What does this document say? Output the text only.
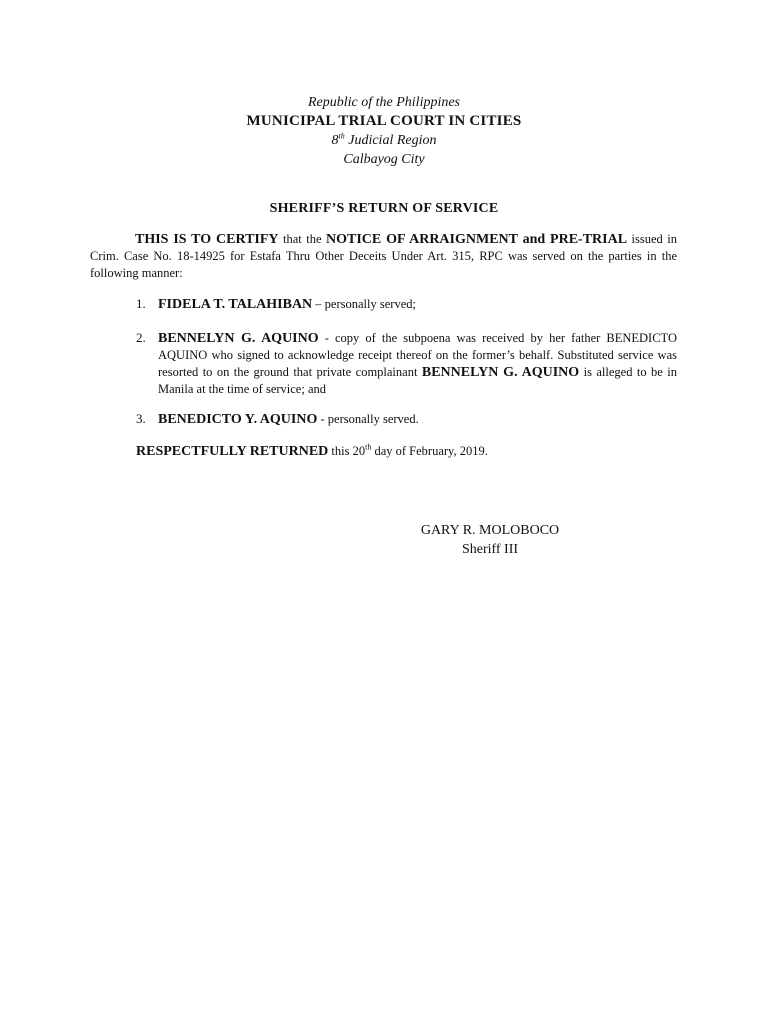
Republic of the Philippines
MUNICIPAL TRIAL COURT IN CITIES
8th Judicial Region
Calbayog City
SHERIFF’S RETURN OF SERVICE
THIS IS TO CERTIFY that the NOTICE OF ARRAIGNMENT and PRE-TRIAL issued in Crim. Case No. 18-14925 for Estafa Thru Other Deceits Under Art. 315, RPC was served on the parties in the following manner:
1. FIDELA T. TALAHIBAN – personally served;
2. BENNELYN G. AQUINO - copy of the subpoena was received by her father BENEDICTO AQUINO who signed to acknowledge receipt thereof on the former’s behalf. Substituted service was resorted to on the ground that private complainant BENNELYN G. AQUINO is alleged to be in Manila at the time of service; and
3. BENEDICTO Y. AQUINO - personally served.
RESPECTFULLY RETURNED this 20th day of February, 2019.
GARY R. MOLOBOCO
Sheriff III
